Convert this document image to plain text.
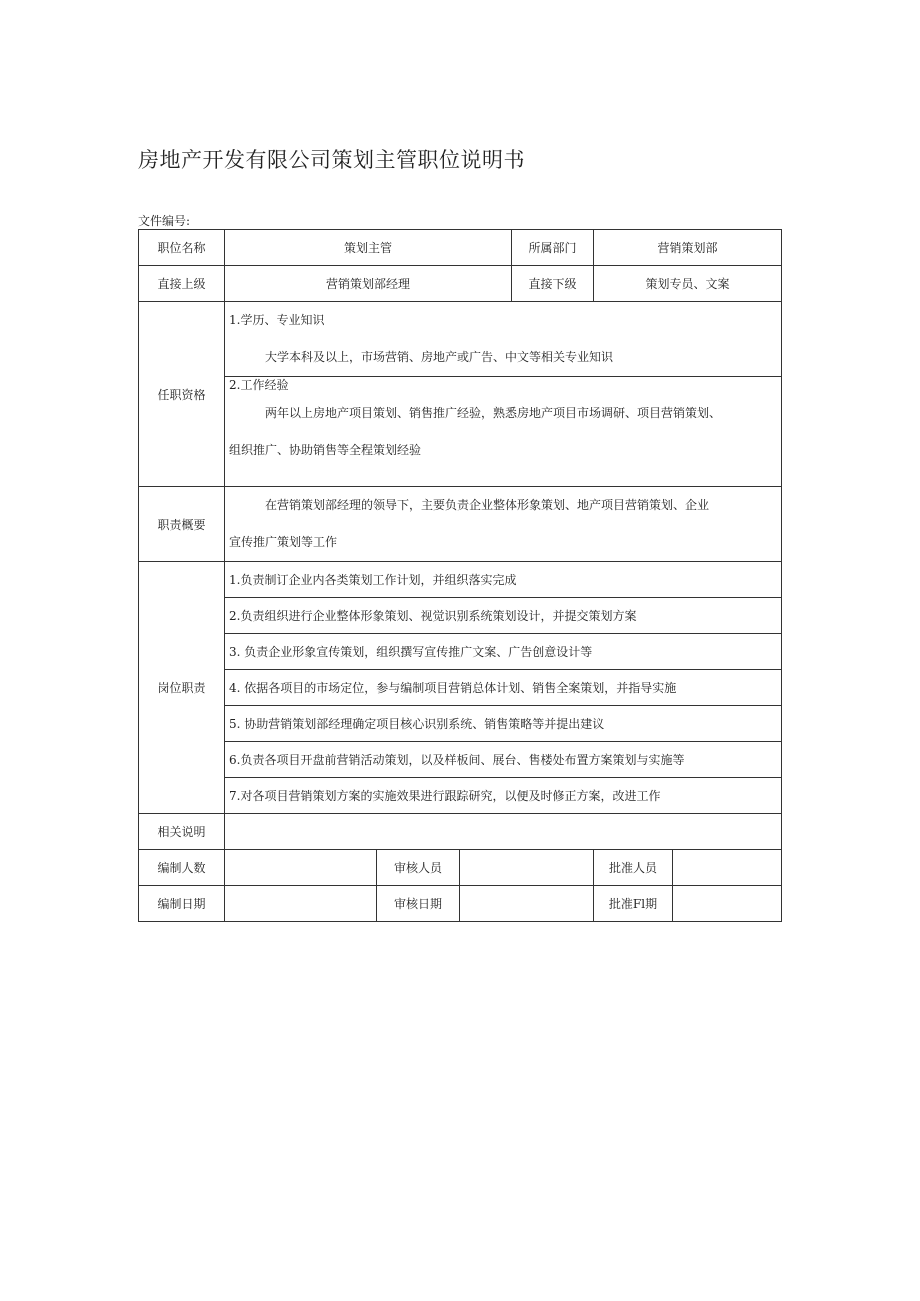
房地产开发有限公司策划主管职位说明书
文件编号:
职位名称	策划主管			所属部门	营销策划部	
直接上级	营销策划部经理			直接下级	策划专员、文案	
任职资格	1.学历、专业知识
大学本科及以上，市场营销、房地产或广告、中文等相关专业知识					

	2.工作经验
两年以上房地产项目策划、销售推广经验，熟悉房地产项目市场调研、项目营销策划、
组织推广、协助销售等全程策划经验					

职责概要	在营销策划部经理的领导下，主要负责企业整体形象策划、地产项目营销策划、企业
宣传推广策划等工作					

岗位职责	1.负责制订企业内各类策划工作计划，并组织落实完成					
	2.负责组织进行企业整体形象策划、视觉识别系统策划设计，并提交策划方案					
	3. 负责企业形象宣传策划，组织撰写宣传推广文案、广告创意设计等					
	4. 依据各项目的市场定位，参与编制项目营销总体计划、销售全案策划，并指导实施					
	5. 协助营销策划部经理确定项目核心识别系统、销售策略等并提出建议					
	6.负责各项目开盘前营销活动策划，以及样板间、展台、售楼处布置方案策划与实施等					
	7.对各项目营销策划方案的实施效果进行跟踪研究，以便及时修正方案，改进工作					
相关说明						
编制人数		审核人员			批准人员	
编制日期		审核日期			批准Fl期	
